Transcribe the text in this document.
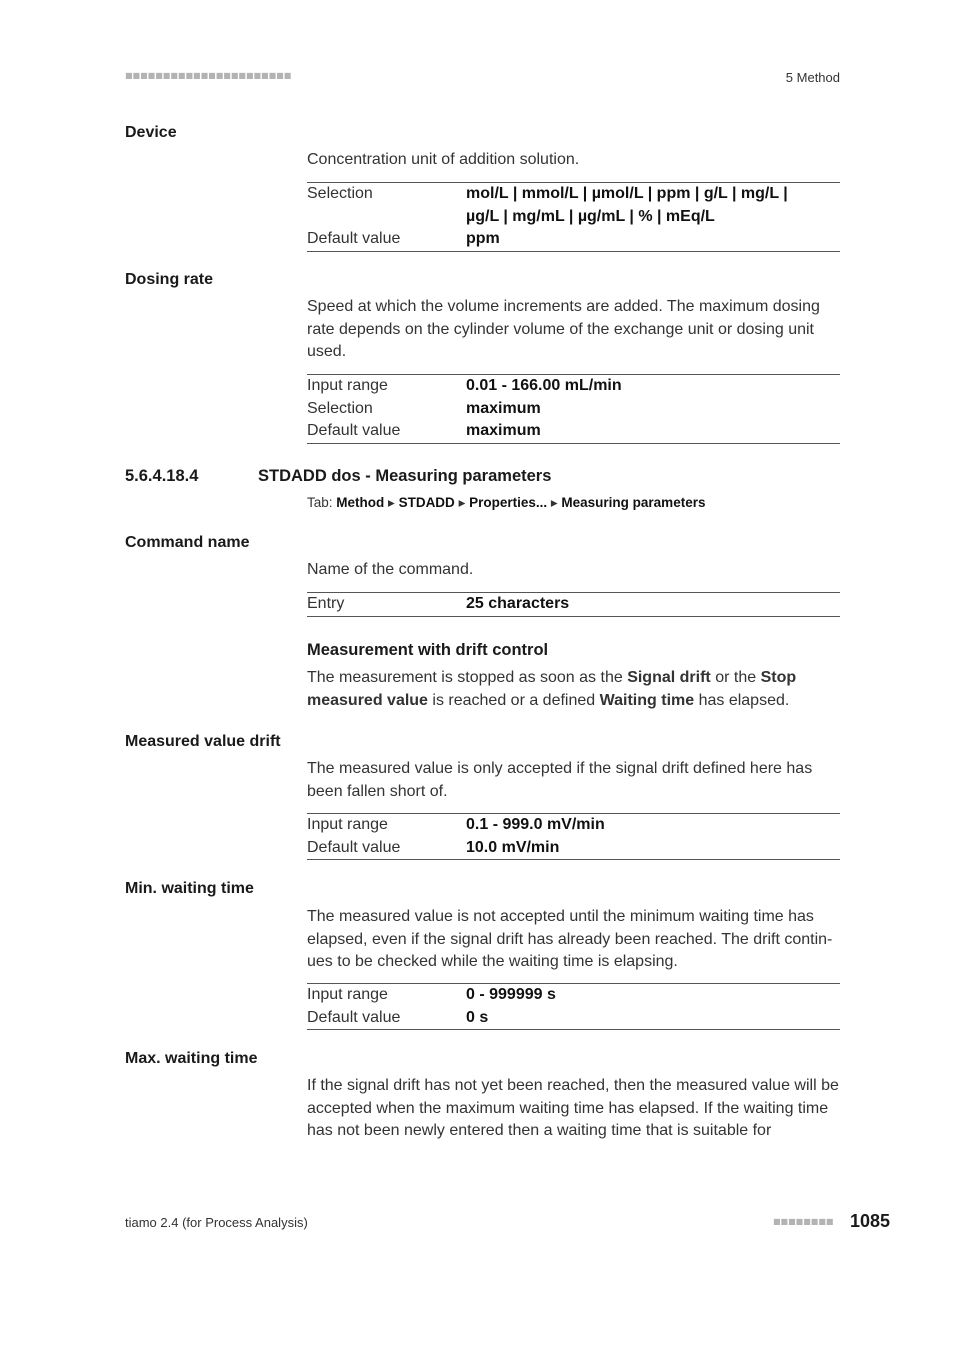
■■■■■■■■■■■■■■■■■■■■■■	5 Method
Device
Concentration unit of addition solution.
Selection	mol/L | mmol/L | µmol/L | ppm | g/L | mg/L |
µg/L | mg/mL | µg/mL | % | mEq/L
Default value	ppm
Dosing rate
Speed at which the volume increments are added. The maximum dosing rate depends on the cylinder volume of the exchange unit or dosing unit used.
Input range	0.01 - 166.00 mL/min
Selection	maximum
Default value	maximum
5.6.4.18.4	STDADD dos - Measuring parameters
Tab: Method ▸ STDADD ▸ Properties... ▸ Measuring parameters
Command name
Name of the command.
Entry	25 characters
Measurement with drift control
The measurement is stopped as soon as the Signal drift or the Stop measured value is reached or a defined Waiting time has elapsed.
Measured value drift
The measured value is only accepted if the signal drift defined here has been fallen short of.
Input range	0.1 - 999.0 mV/min
Default value	10.0 mV/min
Min. waiting time
The measured value is not accepted until the minimum waiting time has elapsed, even if the signal drift has already been reached. The drift contin-ues to be checked while the waiting time is elapsing.
Input range	0 - 999999 s
Default value	0 s
Max. waiting time
If the signal drift has not yet been reached, then the measured value will be accepted when the maximum waiting time has elapsed. If the waiting time has not been newly entered then a waiting time that is suitable for
tiamo 2.4 (for Process Analysis)	■■■■■■■■ 1085
